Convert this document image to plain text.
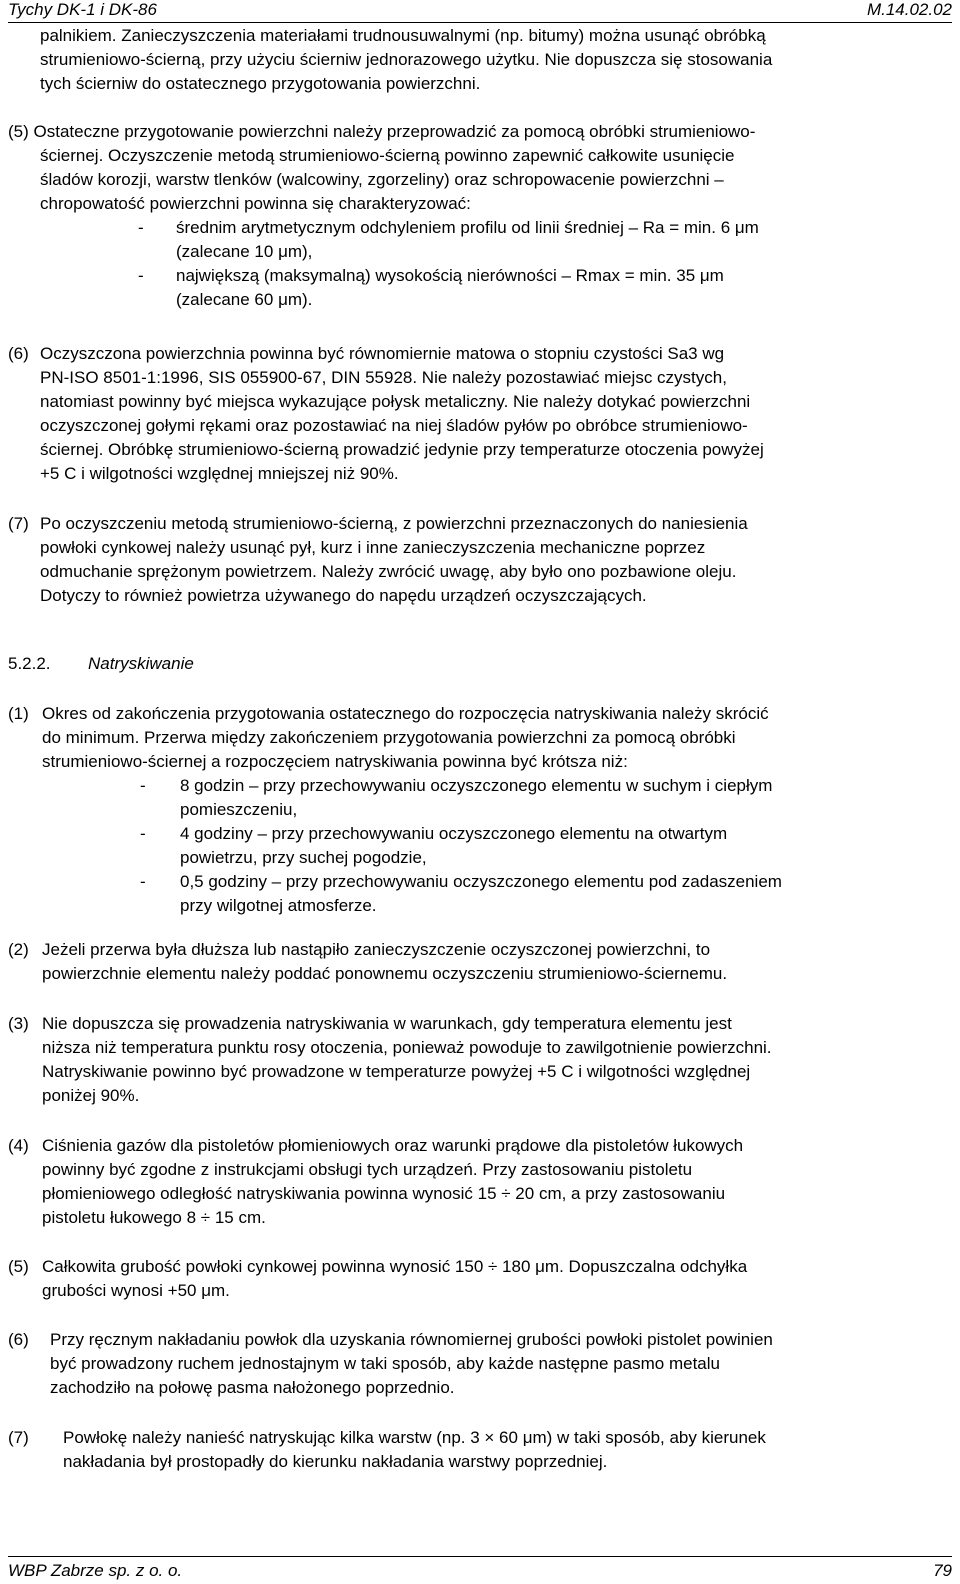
Tychy DK-1 i DK-86	M.14.02.02

palnikiem. Zanieczyszczenia materiałami trudnousuwalnymi (np. bitumy) można usunąć obróbką

strumieniowo-ścierną, przy użyciu ścierniw jednorazowego użytku. Nie dopuszcza się stosowania

tych ścierniw do ostatecznego przygotowania powierzchni.

(5) Ostateczne przygotowanie powierzchni należy przeprowadzić za pomocą obróbki strumieniowo-

ściernej. Oczyszczenie metodą strumieniowo-ścierną powinno zapewnić całkowite usunięcie

śladów korozji, warstw tlenków (walcowiny, zgorzeliny) oraz schropowacenie powierzchni –

chropowatość powierzchni powinna się charakteryzować:

- średnim arytmetycznym odchyleniem profilu od linii średniej – Ra = min. 6 μm
(zalecane 10 μm),
- największą (maksymalną) wysokością nierówności – Rmax = min. 35 μm
(zalecane 60 μm).
(6) Oczyszczona powierzchnia powinna być równomiernie matowa o stopniu czystości Sa3 wg

PN-ISO 8501-1:1996, SIS 055900-67, DIN 55928. Nie należy pozostawiać miejsc czystych,

natomiast powinny być miejsca wykazujące połysk metaliczny. Nie należy dotykać powierzchni

oczyszczonej gołymi rękami oraz pozostawiać na niej śladów pyłów po obróbce strumieniowo-

ściernej. Obróbkę strumieniowo-ścierną prowadzić jedynie przy temperaturze otoczenia powyżej

+5 C i wilgotności względnej mniejszej niż 90%.

(7) Po oczyszczeniu metodą strumieniowo-ścierną, z powierzchni przeznaczonych do naniesienia

powłoki cynkowej należy usunąć pył, kurz i inne zanieczyszczenia mechaniczne poprzez

odmuchanie sprężonym powietrzem. Należy zwrócić uwagę, aby było ono pozbawione oleju.

Dotyczy to również powietrza używanego do napędu urządzeń oczyszczających.

5.2.2. Natryskiwanie
(1) Okres od zakończenia przygotowania ostatecznego do rozpoczęcia natryskiwania należy skrócić

do minimum. Przerwa między zakończeniem przygotowania powierzchni za pomocą obróbki

strumieniowo-ściernej a rozpoczęciem natryskiwania powinna być krótsza niż:

- 8 godzin – przy przechowywaniu oczyszczonego elementu w suchym i ciepłym
pomieszczeniu,
- 4 godziny – przy przechowywaniu oczyszczonego elementu na otwartym
powietrzu, przy suchej pogodzie,
- 0,5 godziny – przy przechowywaniu oczyszczonego elementu pod zadaszeniem
przy wilgotnej atmosferze.
(2) Jeżeli przerwa była dłuższa lub nastąpiło zanieczyszczenie oczyszczonej powierzchni, to

powierzchnie elementu należy poddać ponownemu oczyszczeniu strumieniowo-ściernemu.

(3) Nie dopuszcza się prowadzenia natryskiwania w warunkach, gdy temperatura elementu jest

niższa niż temperatura punktu rosy otoczenia, ponieważ powoduje to zawilgotnienie powierzchni.

Natryskiwanie powinno być prowadzone w temperaturze powyżej +5 C i wilgotności względnej

poniżej 90%.

(4) Ciśnienia gazów dla pistoletów płomieniowych oraz warunki prądowe dla pistoletów łukowych

powinny być zgodne z instrukcjami obsługi tych urządzeń. Przy zastosowaniu pistoletu

płomieniowego odległość natryskiwania powinna wynosić 15 ÷ 20 cm, a przy zastosowaniu

pistoletu łukowego 8 ÷ 15 cm.

(5) Całkowita grubość powłoki cynkowej powinna wynosić 150 ÷ 180 μm. Dopuszczalna odchyłka

grubości wynosi +50 μm.

(6) Przy ręcznym nakładaniu powłok dla uzyskania równomiernej grubości powłoki pistolet powinien

być prowadzony ruchem jednostajnym w taki sposób, aby każde następne pasmo metalu

zachodziło na połowę pasma nałożonego poprzednio.

(7) Powłokę należy nanieść natryskując kilka warstw (np. 3 × 60 μm) w taki sposób, aby kierunek

nakładania był prostopadły do kierunku nakładania warstwy poprzedniej.

WBP Zabrze sp. z o. o.	79
